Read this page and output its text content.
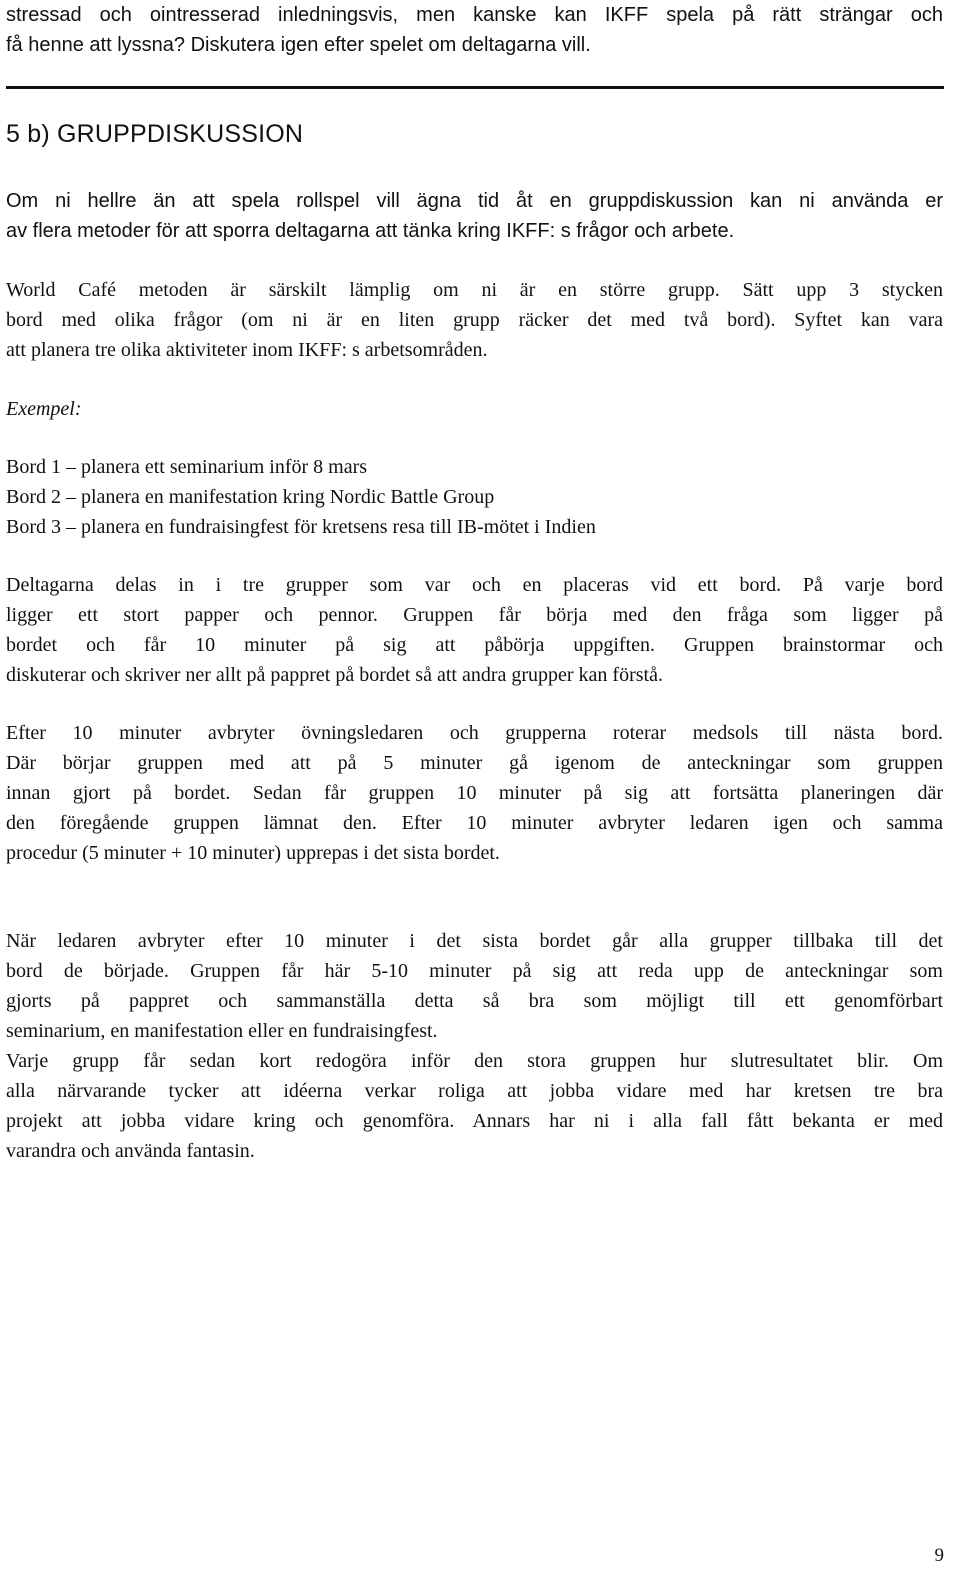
stressad och ointresserad inledningsvis, men kanske kan IKFF spela på rätt strängar och
få henne att lyssna? Diskutera igen efter spelet om deltagarna vill.
5 b) GRUPPDISKUSSION
Om ni hellre än att spela rollspel vill ägna tid åt en gruppdiskussion kan ni använda er
av flera metoder för att sporra deltagarna att tänka kring IKFF: s frågor och arbete.
World Café metoden är särskilt lämplig om ni är en större grupp. Sätt upp 3 stycken
bord med olika frågor (om ni är en liten grupp räcker det med två bord). Syftet kan vara
att planera tre olika aktiviteter inom IKFF: s arbetsområden.

Exempel:

Bord 1 – planera ett seminarium inför 8 mars
Bord 2 – planera en manifestation kring Nordic Battle Group
Bord 3 – planera en fundraisingfest för kretsens resa till IB-mötet i Indien
Deltagarna delas in i tre grupper som var och en placeras vid ett bord. På varje bord
ligger ett stort papper och pennor. Gruppen får börja med den fråga som ligger på
bordet och får 10 minuter på sig att påbörja uppgiften. Gruppen brainstormar och
diskuterar och skriver ner allt på pappret på bordet så att andra grupper kan förstå.
Efter 10 minuter avbryter övningsledaren och grupperna roterar medsols till nästa bord.
Där börjar gruppen med att på 5 minuter gå igenom de anteckningar som gruppen
innan gjort på bordet. Sedan får gruppen 10 minuter på sig att fortsätta planeringen där
den föregående gruppen lämnat den. Efter 10 minuter avbryter ledaren igen och samma
procedur (5 minuter + 10 minuter) upprepas i det sista bordet.
När ledaren avbryter efter 10 minuter i det sista bordet går alla grupper tillbaka till det
bord de började. Gruppen får här 5-10 minuter på sig att reda upp de anteckningar som
gjorts på pappret och sammanställa detta så bra som möjligt till ett genomförbart
seminarium, en manifestation eller en fundraisingfest.
Varje grupp får sedan kort redogöra inför den stora gruppen hur slutresultatet blir. Om
alla närvarande tycker att idéerna verkar roliga att jobba vidare med har kretsen tre bra
projekt att jobba vidare kring och genomföra. Annars har ni i alla fall fått bekanta er med
varandra och använda fantasin.

9
